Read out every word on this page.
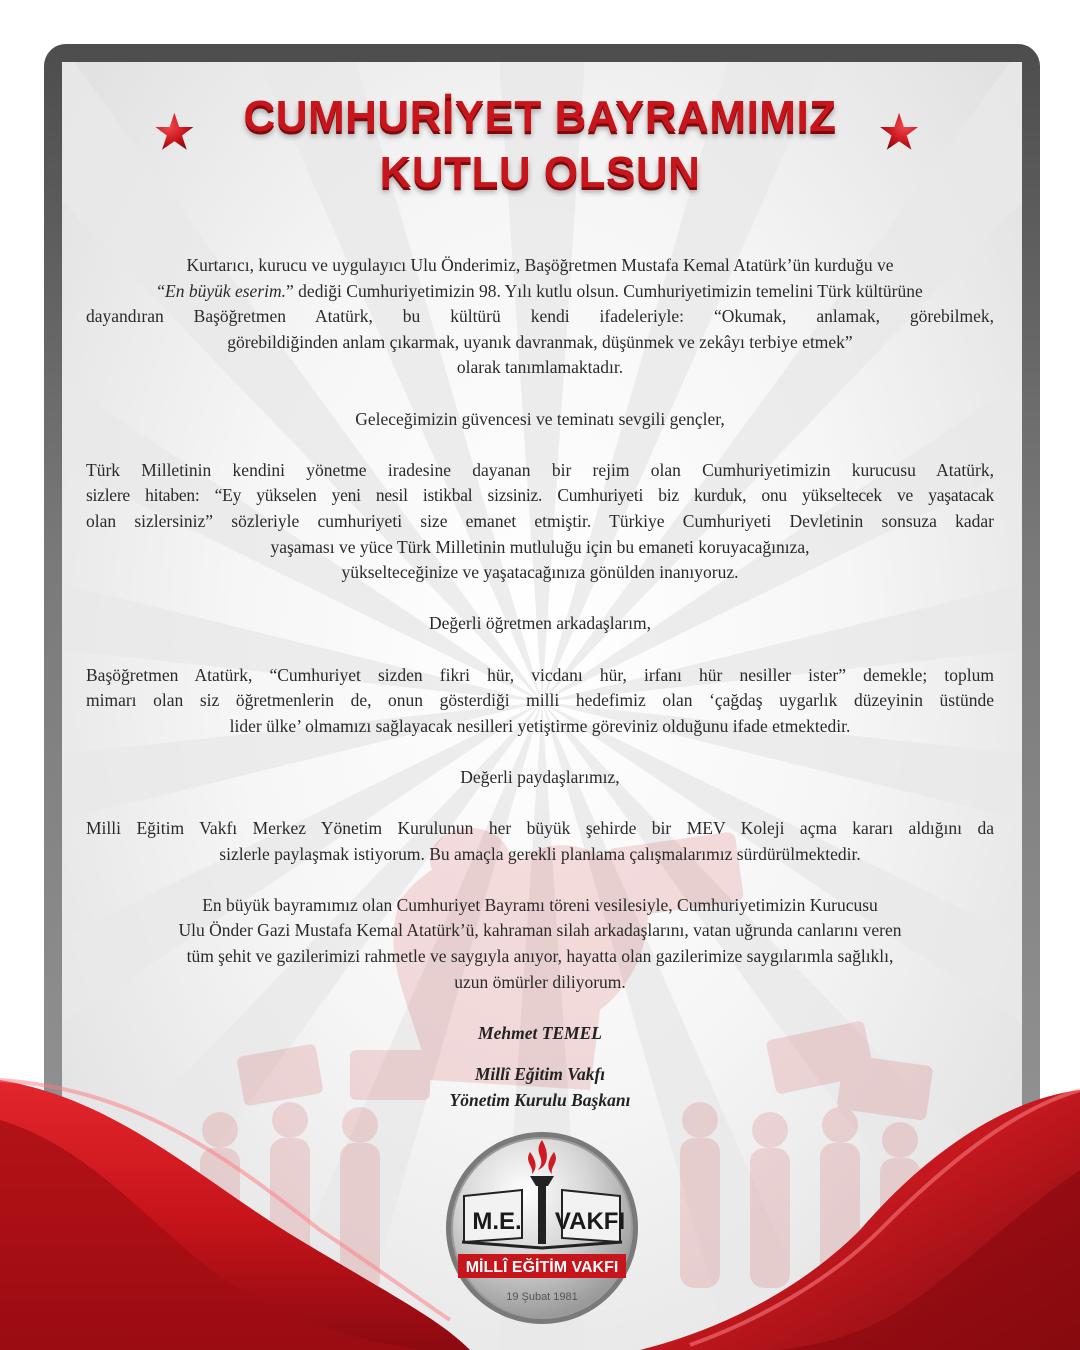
CUMHURİYET BAYRAMIMIZ
KUTLU OLSUN
Kurtarıcı, kurucu ve uygulayıcı Ulu Önderimiz, Başöğretmen Mustafa Kemal Atatürk’ün kurduğu ve
“En büyük eserim.” dediği Cumhuriyetimizin 98. Yılı kutlu olsun. Cumhuriyetimizin temelini Türk kültürüne
dayandıran Başöğretmen Atatürk, bu kültürü kendi ifadeleriyle: “Okumak, anlamak, görebilmek,
görebildiğinden anlam çıkarmak, uyanık davranmak, düşünmek ve zekâyı terbiye etmek”
olarak tanımlamaktadır.
Geleceğimizin güvencesi ve teminatı sevgili gençler,
Türk Milletinin kendini yönetme iradesine dayanan bir rejim olan Cumhuriyetimizin kurucusu Atatürk,
sizlere hitaben: “Ey yükselen yeni nesil istikbal sizsiniz. Cumhuriyeti biz kurduk, onu yükseltecek ve yaşatacak
olan sizlersiniz” sözleriyle cumhuriyeti size emanet etmiştir. Türkiye Cumhuriyeti Devletinin sonsuza kadar
yaşaması ve yüce Türk Milletinin mutluluğu için bu emaneti koruyacağınıza,
yükselteceğinize ve yaşatacağınıza gönülden inanıyoruz.
Değerli öğretmen arkadaşlarım,
Başöğretmen Atatürk, “Cumhuriyet sizden fikri hür, vicdanı hür, irfanı hür nesiller ister” demekle; toplum
mimarı olan siz öğretmenlerin de, onun gösterdiği milli hedefimiz olan ‘çağdaş uygarlık düzeyinin üstünde
lider ülke’ olmamızı sağlayacak nesilleri yetiştirme göreviniz olduğunu ifade etmektedir.
Değerli paydaşlarımız,
Milli Eğitim Vakfı Merkez Yönetim Kurulunun her büyük şehirde bir MEV Koleji açma kararı aldığını da
sizlerle paylaşmak istiyorum. Bu amaçla gerekli planlama çalışmalarımız sürdürülmektedir.
En büyük bayramımız olan Cumhuriyet Bayramı töreni vesilesiyle, Cumhuriyetimizin Kurucusu
Ulu Önder Gazi Mustafa Kemal Atatürk’ü, kahraman silah arkadaşlarını, vatan uğrunda canlarını veren
tüm şehit ve gazilerimizi rahmetle ve saygıyla anıyor, hayatta olan gazilerimize saygılarımla sağlıklı,
uzun ömürler diliyorum.
Mehmet TEMEL
Millî Eğitim Vakfı
Yönetim Kurulu Başkanı
M.E. VAKFI
MİLLÎ EĞİTİM VAKFI
19 Şubat 1981
